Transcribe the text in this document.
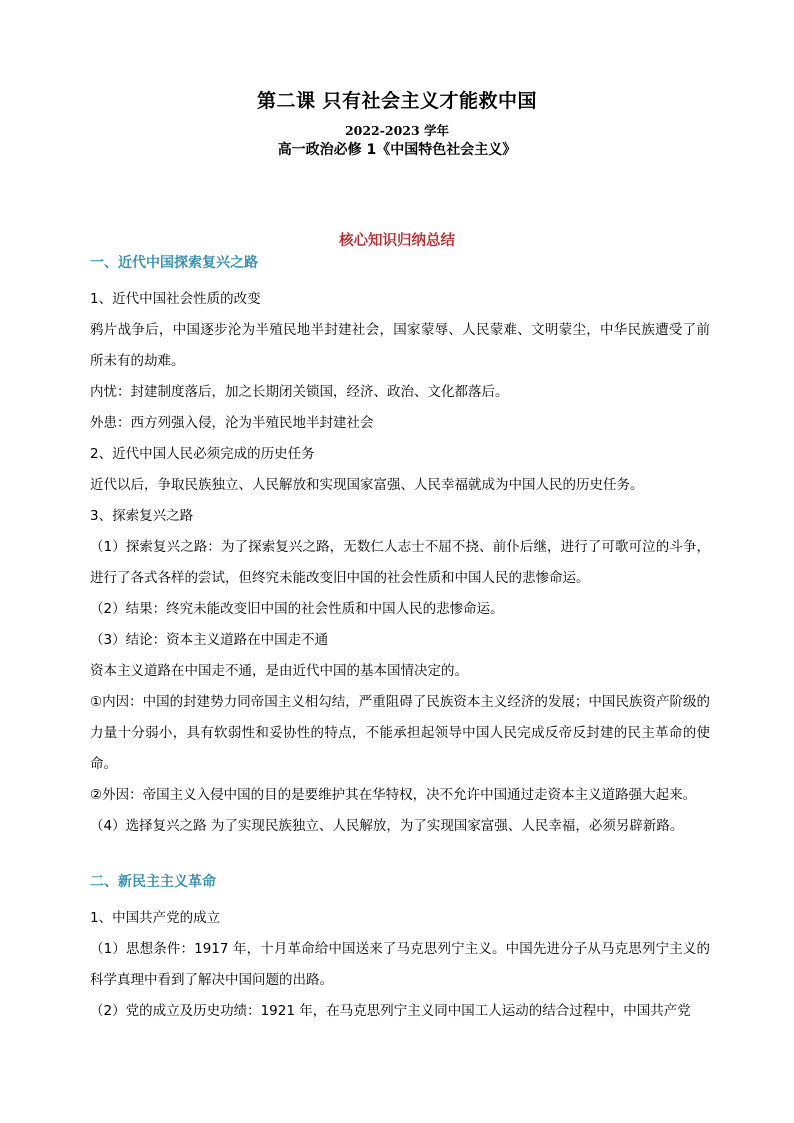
第二课 只有社会主义才能救中国
2022-2023 学年
高一政治必修 1《中国特色社会主义》
核心知识归纳总结
一、近代中国探索复兴之路
1、近代中国社会性质的改变
鸦片战争后，中国逐步沦为半殖民地半封建社会，国家蒙辱、人民蒙难、文明蒙尘，中华民族遭受了前所未有的劫难。
内忧：封建制度落后，加之长期闭关锁国，经济、政治、文化都落后。
外患：西方列强入侵，沦为半殖民地半封建社会
2、近代中国人民必须完成的历史任务
近代以后，争取民族独立、人民解放和实现国家富强、人民幸福就成为中国人民的历史任务。
3、探索复兴之路
（1）探索复兴之路：为了探索复兴之路，无数仁人志士不屈不挠、前仆后继，进行了可歌可泣的斗争，进行了各式各样的尝试，但终究未能改变旧中国的社会性质和中国人民的悲惨命运。
（2）结果：终究未能改变旧中国的社会性质和中国人民的悲惨命运。
（3）结论：资本主义道路在中国走不通
资本主义道路在中国走不通，是由近代中国的基本国情决定的。
①内因：中国的封建势力同帝国主义相勾结，严重阻碍了民族资本主义经济的发展；中国民族资产阶级的力量十分弱小，具有软弱性和妥协性的特点，不能承担起领导中国人民完成反帝反封建的民主革命的使命。
②外因：帝国主义入侵中国的目的是要维护其在华特权，决不允许中国通过走资本主义道路强大起来。
（4）选择复兴之路 为了实现民族独立、人民解放，为了实现国家富强、人民幸福，必须另辟新路。
二、新民主主义革命
1、中国共产党的成立
（1）思想条件：1917 年，十月革命给中国送来了马克思列宁主义。中国先进分子从马克思列宁主义的科学真理中看到了解决中国问题的出路。
（2）党的成立及历史功绩：1921 年，在马克思列宁主义同中国工人运动的结合过程中，中国共产党
